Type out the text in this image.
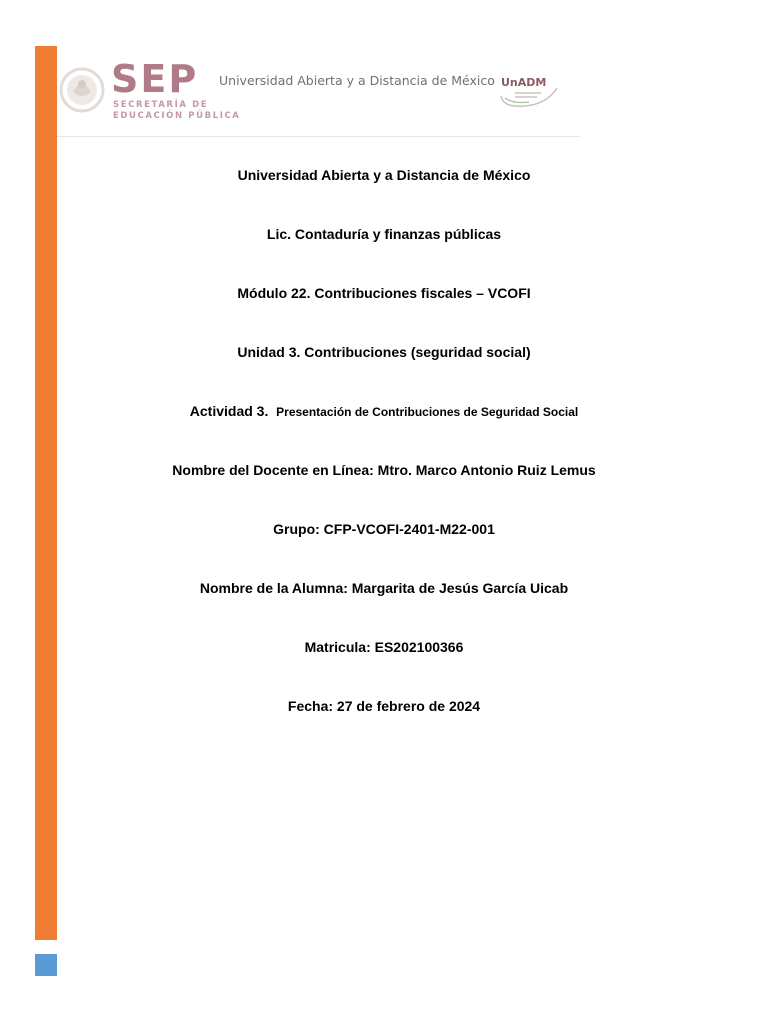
SEP
SECRETARÍA DE
EDUCACIÓN PÚBLICA
Universidad Abierta y a Distancia de México UnADM
Universidad Abierta y a Distancia de México
Lic. Contaduría y finanzas públicas
Módulo 22. Contribuciones fiscales – VCOFI
Unidad 3. Contribuciones (seguridad social)
Actividad 3. Presentación de Contribuciones de Seguridad Social
Nombre del Docente en Línea: Mtro. Marco Antonio Ruiz Lemus
Grupo: CFP-VCOFI-2401-M22-001
Nombre de la Alumna: Margarita de Jesús García Uicab
Matricula: ES202100366
Fecha: 27 de febrero de 2024
